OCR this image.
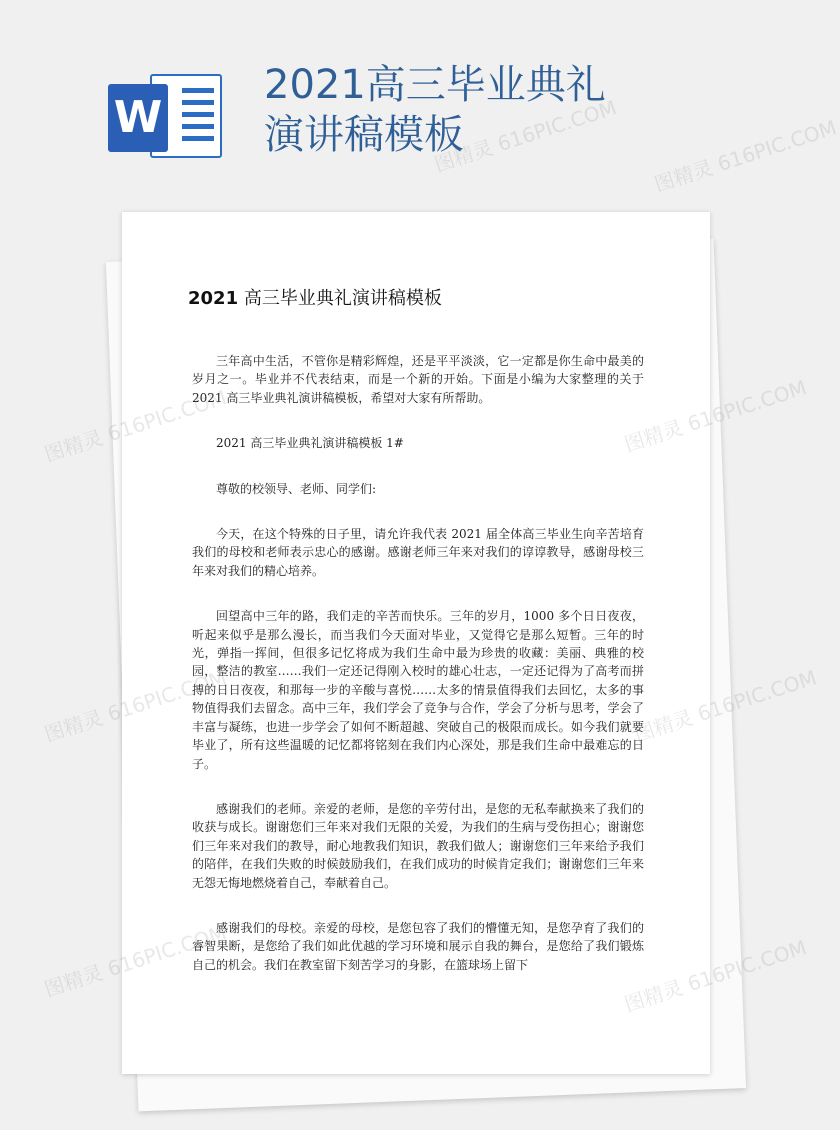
W
2021高三毕业典礼
演讲稿模板
2021 高三毕业典礼演讲稿模板

三年高中生活，不管你是精彩辉煌，还是平平淡淡，它一定都是你生命中最美的岁月之一。毕业并不代表结束，而是一个新的开始。下面是小编为大家整理的关于 2021 高三毕业典礼演讲稿模板，希望对大家有所帮助。

2021 高三毕业典礼演讲稿模板 1#

尊敬的校领导、老师、同学们:

今天，在这个特殊的日子里，请允许我代表 2021 届全体高三毕业生向辛苦培育我们的母校和老师表示忠心的感谢。感谢老师三年来对我们的谆谆教导，感谢母校三年来对我们的精心培养。

回望高中三年的路，我们走的辛苦而快乐。三年的岁月，1000 多个日日夜夜，听起来似乎是那么漫长，而当我们今天面对毕业，又觉得它是那么短暂。三年的时光，弹指一挥间，但很多记忆将成为我们生命中最为珍贵的收藏：美丽、典雅的校园，整洁的教室……我们一定还记得刚入校时的雄心壮志，一定还记得为了高考而拼搏的日日夜夜，和那每一步的辛酸与喜悦……太多的情景值得我们去回忆，太多的事物值得我们去留念。高中三年，我们学会了竞争与合作，学会了分析与思考，学会了丰富与凝练，也进一步学会了如何不断超越、突破自己的极限而成长。如今我们就要毕业了，所有这些温暖的记忆都将铭刻在我们内心深处，那是我们生命中最难忘的日子。

感谢我们的老师。亲爱的老师，是您的辛劳付出，是您的无私奉献换来了我们的收获与成长。谢谢您们三年来对我们无限的关爱，为我们的生病与受伤担心；谢谢您们三年来对我们的教导，耐心地教我们知识，教我们做人；谢谢您们三年来给予我们的陪伴，在我们失败的时候鼓励我们，在我们成功的时候肯定我们；谢谢您们三年来无怨无悔地燃烧着自己，奉献着自己。

感谢我们的母校。亲爱的母校，是您包容了我们的懵懂无知，是您孕育了我们的睿智果断，是您给了我们如此优越的学习环境和展示自我的舞台，是您给了我们锻炼自己的机会。我们在教室留下刻苦学习的身影，在篮球场上留下

图精灵 616PIC.COM 图精灵 616PIC.COM
图精灵 616PIC.COM	图精灵 616PIC.COM
图精灵 616PIC.COM	图精灵 616PIC.COM
图精灵 616PIC.COM	图精灵 616PIC.COM
